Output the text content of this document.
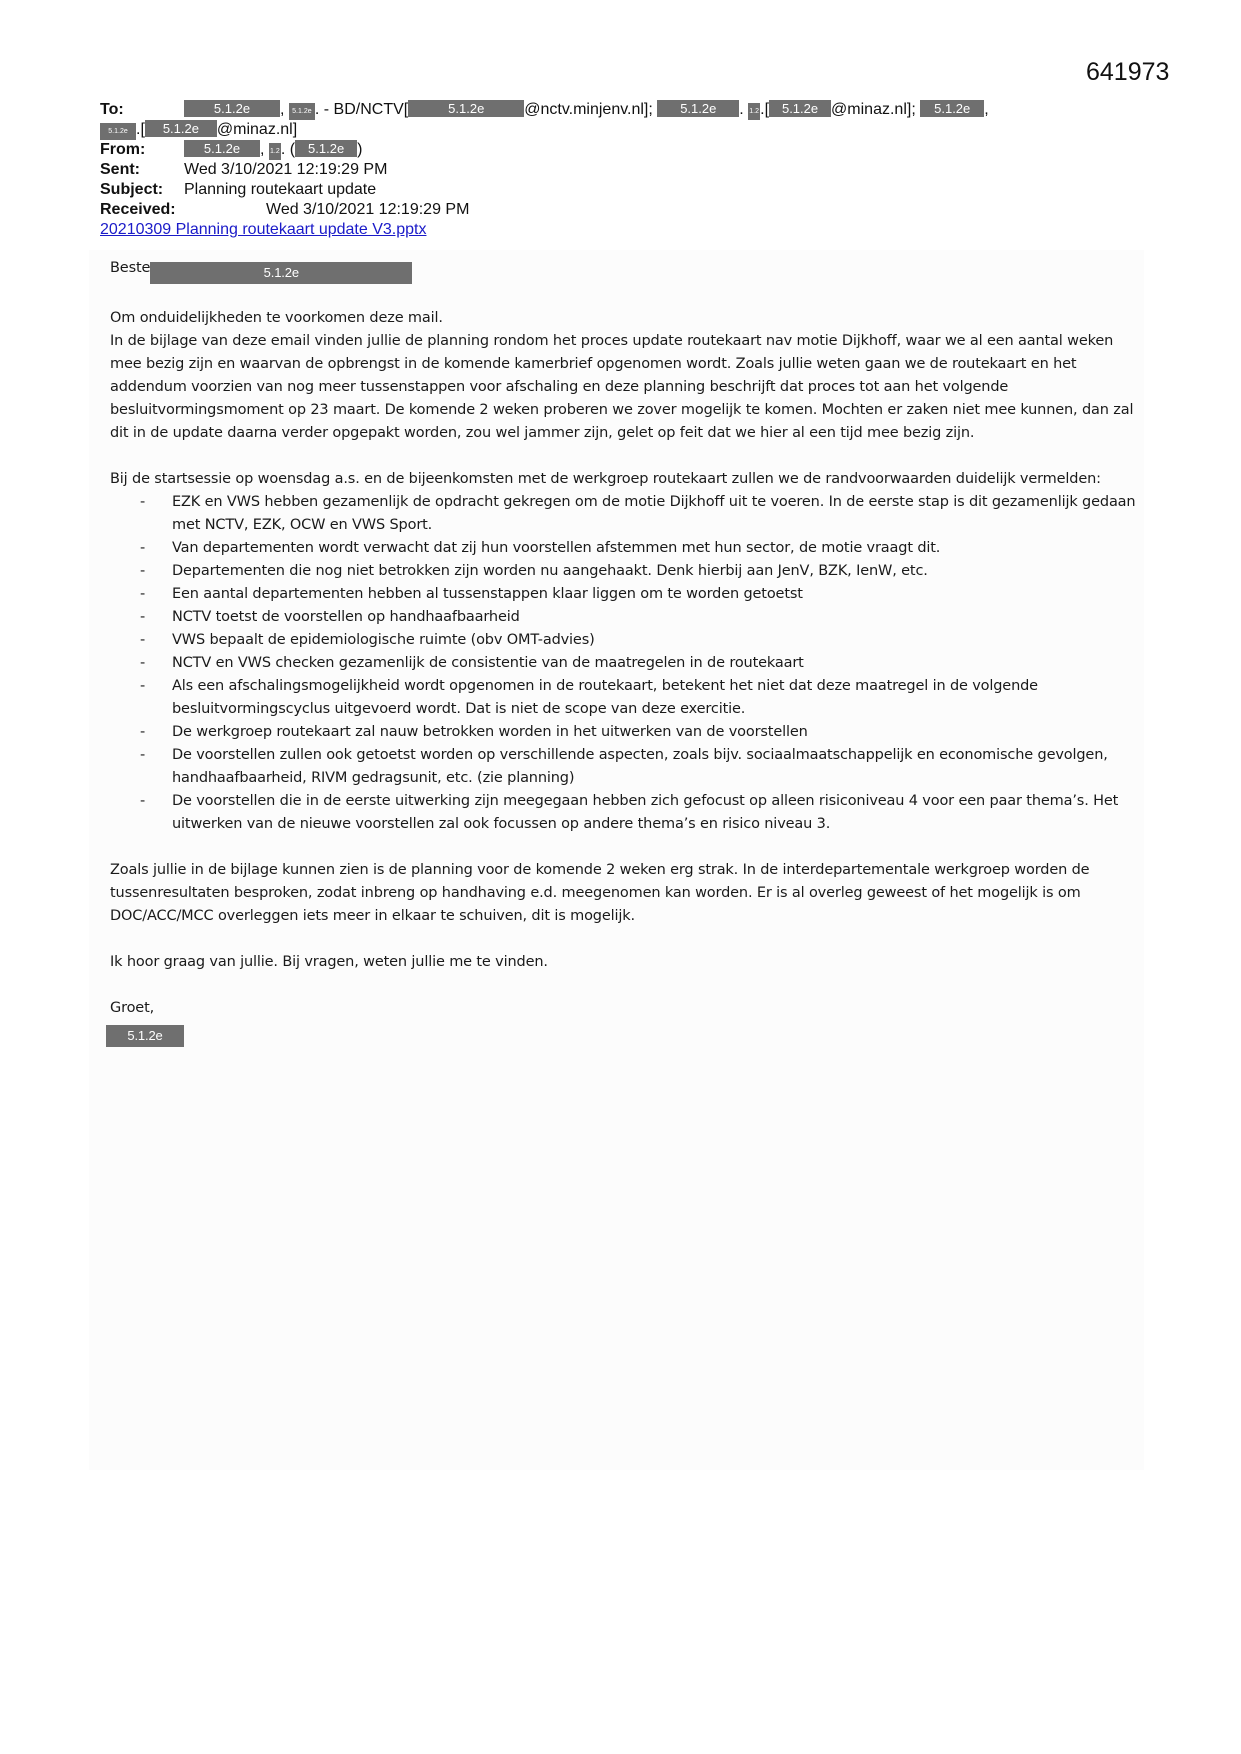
641973
To:	5.1.2e , 5.1.2e . - BD/NCTV[	5.1.2e @nctv.minjenv.nl]; 5.1.2e . 1.2.[ 5.1.2e @minaz.nl]; 5.1.2e ,
5.1.2e .[ 5.1.2e @minaz.nl]
From:	5.1.2e , 1.2. ( 5.1.2e )
Sent:	Wed 3/10/2021 12:19:29 PM
Subject: Planning routekaart update
Received:	Wed 3/10/2021 12:19:29 PM
20210309 Planning routekaart update V3.pptx

Beste	5.1.2e

Om onduidelijkheden te voorkomen deze mail.

In de bijlage van deze email vinden jullie de planning rondom het proces update routekaart nav motie Dijkhoff, waar we al een aantal weken mee bezig zijn en waarvan de opbrengst in de komende kamerbrief opgenomen wordt. Zoals jullie weten gaan we de routekaart en het addendum voorzien van nog meer tussenstappen voor afschaling en deze planning beschrijft dat proces tot aan het volgende besluitvormingsmoment op 23 maart. De komende 2 weken proberen we zover mogelijk te komen. Mochten er zaken niet mee kunnen, dan zal dit in de update daarna verder opgepakt worden, zou wel jammer zijn, gelet op feit dat we hier al een tijd mee bezig zijn.

Bij de startsessie op woensdag a.s. en de bijeenkomsten met de werkgroep routekaart zullen we de randvoorwaarden duidelijk vermelden:

- EZK en VWS hebben gezamenlijk de opdracht gekregen om de motie Dijkhoff uit te voeren. In de eerste stap is dit gezamenlijk gedaan met NCTV, EZK, OCW en VWS Sport.
- Van departementen wordt verwacht dat zij hun voorstellen afstemmen met hun sector, de motie vraagt dit.
- Departementen die nog niet betrokken zijn worden nu aangehaakt. Denk hierbij aan JenV, BZK, IenW, etc.
- Een aantal departementen hebben al tussenstappen klaar liggen om te worden getoetst
- NCTV toetst de voorstellen op handhaafbaarheid
- VWS bepaalt de epidemiologische ruimte (obv OMT-advies)
- NCTV en VWS checken gezamenlijk de consistentie van de maatregelen in de routekaart
- Als een afschalingsmogelijkheid wordt opgenomen in de routekaart, betekent het niet dat deze maatregel in de volgende besluitvormingscyclus uitgevoerd wordt. Dat is niet de scope van deze exercitie.
- De werkgroep routekaart zal nauw betrokken worden in het uitwerken van de voorstellen
- De voorstellen zullen ook getoetst worden op verschillende aspecten, zoals bijv. sociaalmaatschappelijk en economische gevolgen, handhaafbaarheid, RIVM gedragsunit, etc. (zie planning)
- De voorstellen die in de eerste uitwerking zijn meegegaan hebben zich gefocust op alleen risiconiveau 4 voor een paar thema’s. Het uitwerken van de nieuwe voorstellen zal ook focussen op andere thema’s en risico niveau 3.

Zoals jullie in de bijlage kunnen zien is de planning voor de komende 2 weken erg strak. In de interdepartementale werkgroep worden de tussenresultaten besproken, zodat inbreng op handhaving e.d. meegenomen kan worden. Er is al overleg geweest of het mogelijk is om DOC/ACC/MCC overleggen iets meer in elkaar te schuiven, dit is mogelijk.

Ik hoor graag van jullie. Bij vragen, weten jullie me te vinden.

Groet,

5.1.2e
